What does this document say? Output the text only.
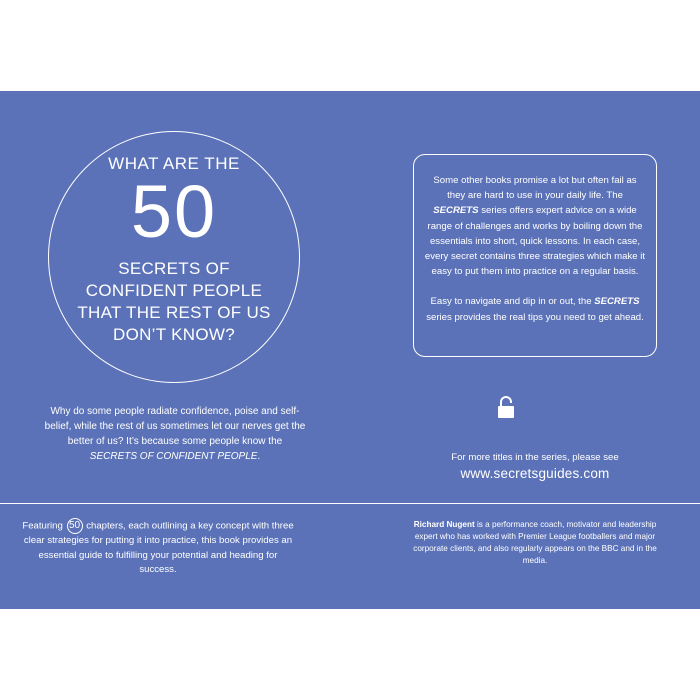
WHAT ARE THE
50
SECRETS OF
CONFIDENT PEOPLE
THAT THE REST OF US
DON’T KNOW?
Why do some people radiate confidence, poise and self-belief, while the rest of us sometimes let our nerves get the better of us? It’s because some people know the SECRETS OF CONFIDENT PEOPLE.

Some other books promise a lot but often fail as they are hard to use in your daily life. The SECRETS series offers expert advice on a wide range of challenges and works by boiling down the essentials into short, quick lessons. In each case, every secret contains three strategies which make it easy to put them into practice on a regular basis.

Easy to navigate and dip in or out, the SECRETS series provides the real tips you need to get ahead.

For more titles in the series, please see
www.secretsguides.com
Featuring 50 chapters, each outlining a key concept with three clear strategies for putting it into practice, this book provides an essential guide to fulfilling your potential and heading for success.
Richard Nugent is a performance coach, motivator and leadership expert who has worked with Premier League footballers and major corporate clients, and also regularly appears on the BBC and in the media.
